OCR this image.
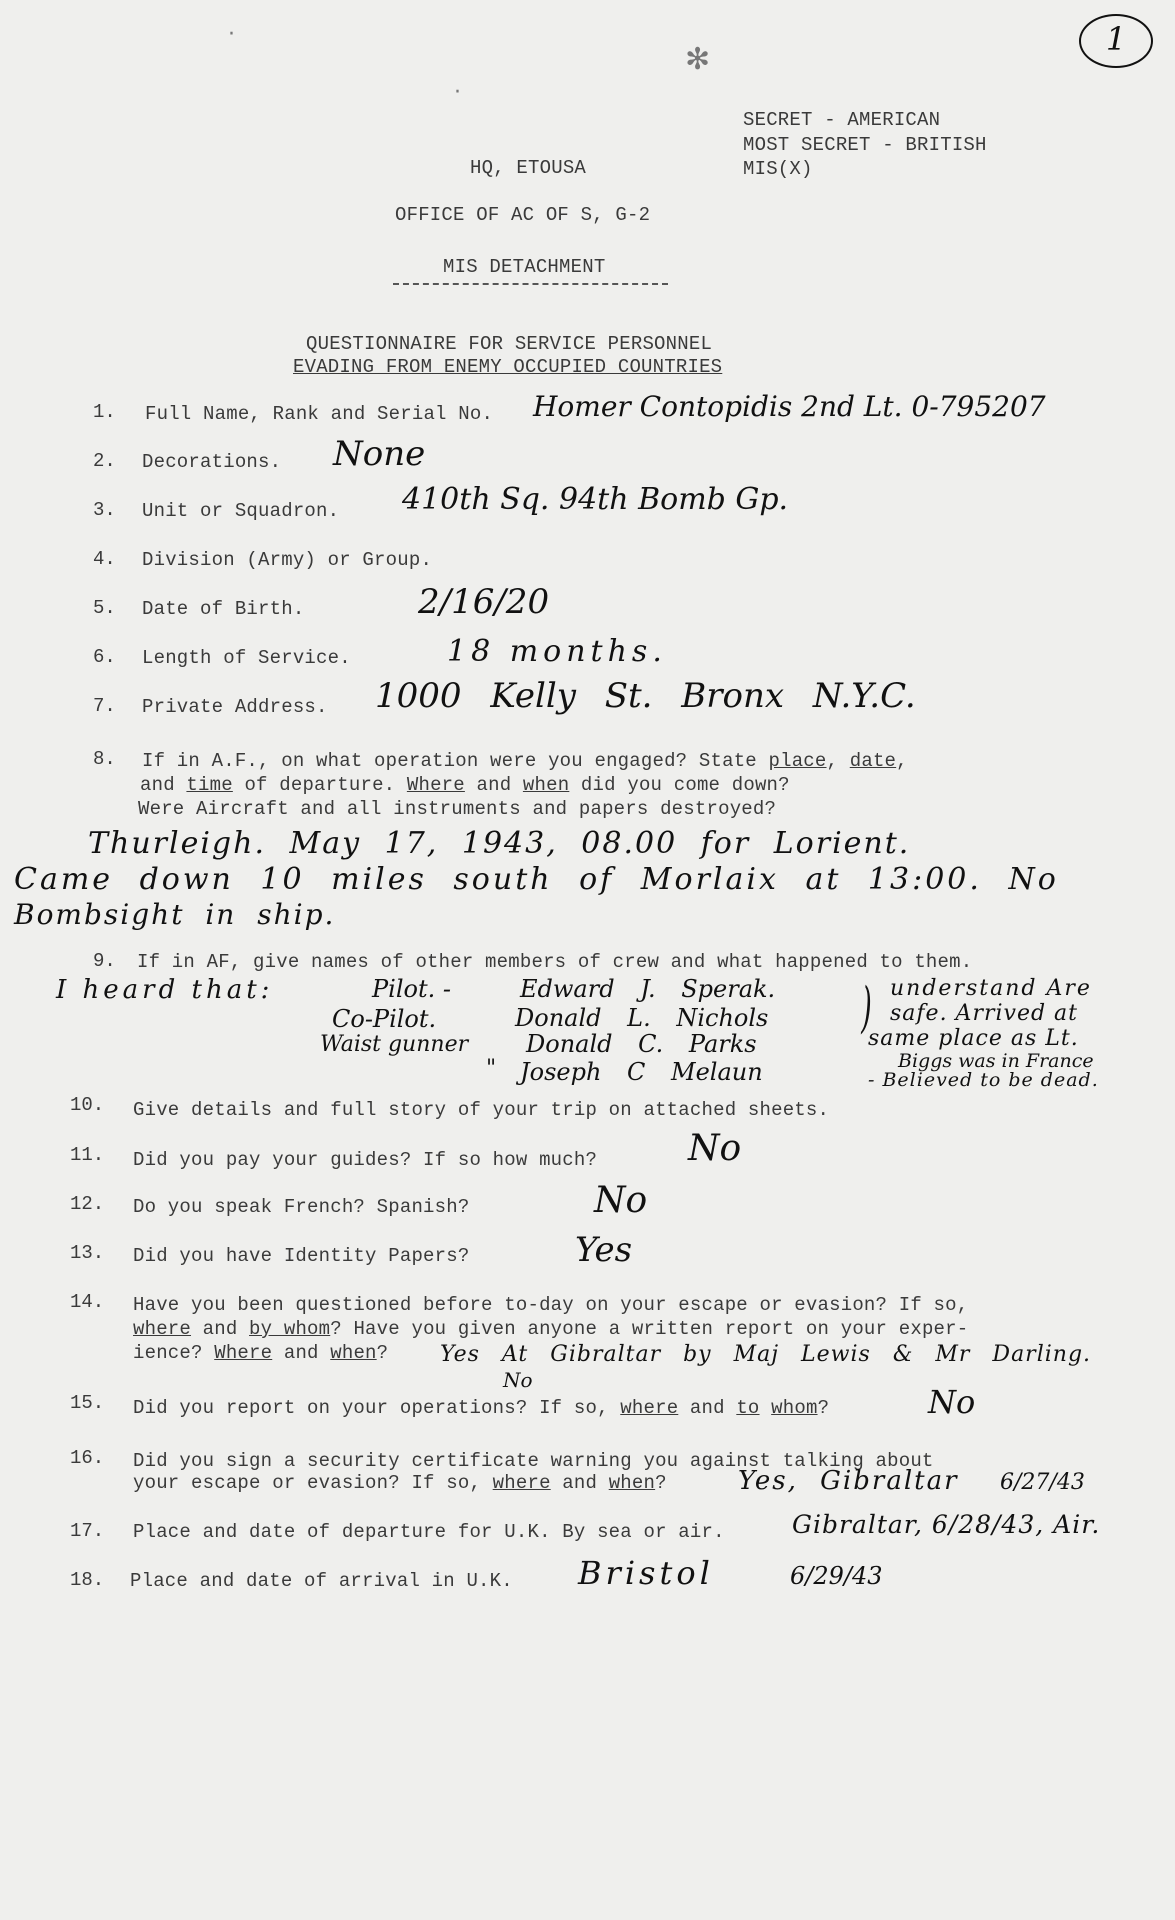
1
·
·
✻
SECRET - AMERICAN
MOST SECRET - BRITISH
MIS(X)
HQ, ETOUSA
OFFICE OF AC OF S, G-2
MIS DETACHMENT
QUESTIONNAIRE FOR SERVICE PERSONNEL
EVADING FROM ENEMY OCCUPIED COUNTRIES
1. Full Name, Rank and Serial No. Homer Contopidis 2nd Lt. 0-795207
2. Decorations. None
3. Unit or Squadron. 410th Sq. 94th Bomb Gp.
4. Division (Army) or Group.
5. Date of Birth.	2/16/20
6. Length of Service.	18 months.
7. Private Address. 1000 Kelly St. Bronx N.Y.C.
8. If in A.F., on what operation were you engaged? State place, date,
and time of departure. Where and when did you come down?
Were Aircraft and all instruments and papers destroyed?
Thurleigh. May 17, 1943, 08.00 for Lorient.
Came down 10 miles south of Morlaix at 13:00. No
Bombsight in ship.
9. If in AF, give names of other members of crew and what happened to them.
I heard that:	Pilot. -	Edward J. Sperak.
Co-Pilot.	Donald L. Nichols
Waist gunner Donald C. Parks
" Joseph C Melaun
) understand Are
safe. Arrived at
same place as Lt.
Biggs was in France
- Believed to be dead.
10. Give details and full story of your trip on attached sheets.
11. Did you pay your guides? If so how much?	No
12. Do you speak French? Spanish?	No
13. Did you have Identity Papers?	Yes
14. Have you been questioned before to-day on your escape or evasion? If so,
where and by whom? Have you given anyone a written report on your exper-
ience? Where and when? Yes At Gibraltar by Maj Lewis & Mr Darling.
No
15. Did you report on your operations? If so, where and to whom?	No
16. Did you sign a security certificate warning you against talking about
your escape or evasion? If so, where and when?	Yes, Gibraltar 6/27/43
17. Place and date of departure for U.K. By sea or air.	Gibraltar, 6/28/43, Air.
18. Place and date of arrival in U.K. Bristol	6/29/43
